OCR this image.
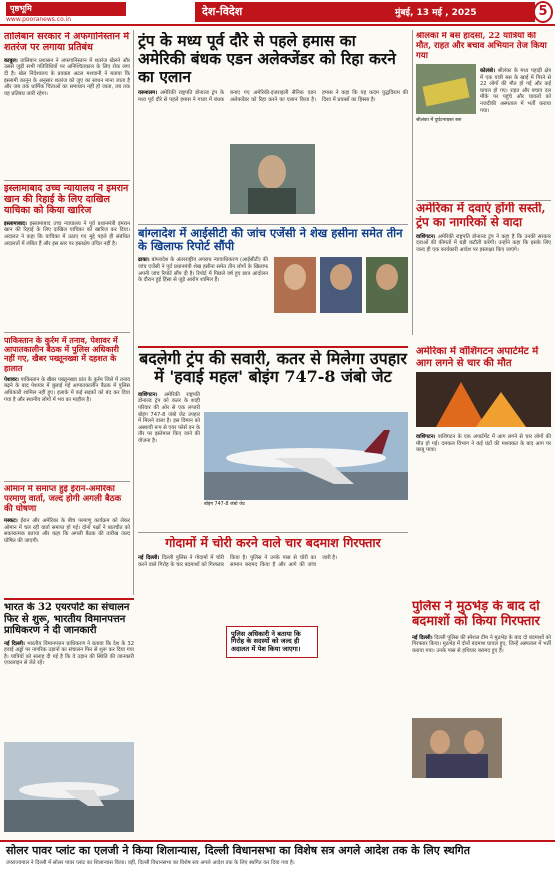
पृष्ठभूमि
www.pooranews.co.in
देश-विदेश	मुंबई, 13 मई , 2025	5
तालिबान सरकार ने अफगानिस्तान में शतरंज पर लगाया प्रतिबंध
काबुल। तालिबान प्रशासन ने अफगानिस्तान में शतरंज खेलने और उससे जुड़ी सभी गतिविधियों पर अनिश्चितकाल के लिए रोक लगा दी है। खेल निदेशालय के प्रवक्ता अटल मशवानी ने बताया कि इस्लामी कानून के अनुसार शतरंज को जुए का साधन माना जाता है और जब तक धार्मिक चिंताओं का समाधान नहीं हो जाता, तब तक यह प्रतिबंध जारी रहेगा।
इस्लामाबाद उच्च न्यायालय ने इमरान खान की रिहाई के लिए दाखिल याचिका को किया खारिज
इस्लामाबाद। इस्लामाबाद उच्च न्यायालय ने पूर्व प्रधानमंत्री इमरान खान की रिहाई के लिए दाखिल याचिका को खारिज कर दिया। अदालत ने कहा कि याचिका में उठाए गए मुद्दे पहले ही संबंधित अदालतों में लंबित हैं और इस स्तर पर हस्तक्षेप उचित नहीं है।
पाकिस्तान के कुर्रम में तनाव, पेशावर में आपातकालीन बैठक में पुलिस अधिकारी नहीं गए, खैबर पख्तूनख्वा में दहशत के हालात
पेशावर। पाकिस्तान के खैबर पख्तूनख्वा प्रांत के कुर्रम जिले में तनाव बढ़ने के बाद पेशावर में बुलाई गई आपातकालीन बैठक में पुलिस अधिकारी शामिल नहीं हुए। इलाके में कई सड़कों को बंद कर दिया गया है और स्थानीय लोगों में भय का माहौल है।
ओमान में समाप्त हुई ईरान-अमेरिका परमाणु वार्ता, जल्द होगी अगली बैठक की घोषणा
मस्कट। ईरान और अमेरिका के बीच परमाणु कार्यक्रम को लेकर ओमान में चल रही वार्ता समाप्त हो गई। दोनों पक्षों ने बातचीत को सकारात्मक बताया और कहा कि अगली बैठक की तारीख जल्द घोषित की जाएगी।
ट्रंप के मध्य पूर्व दौरे से पहले हमास का अमेरिकी बंधक एडन अलेक्जेंडर को रिहा करने का एलान
यरूशलम। अमेरिकी राष्ट्रपति डोनाल्ड ट्रंप के मध्य पूर्व दौरे से पहले हमास ने गाजा में बंधक बनाए गए अमेरिकी-इजराइली सैनिक एडन अलेक्जेंडर को रिहा करने का एलान किया है। हमास ने कहा कि यह कदम युद्धविराम की दिशा में प्रयासों का हिस्सा है।
बांग्लादेश में आईसीटी की जांच एजेंसी ने शेख हसीना समेत तीन के खिलाफ रिपोर्ट सौंपी
ढाका। बांग्लादेश के अंतरराष्ट्रीय अपराध न्यायाधिकरण (आईसीटी) की जांच एजेंसी ने पूर्व प्रधानमंत्री शेख हसीना समेत तीन लोगों के खिलाफ अपनी जांच रिपोर्ट सौंप दी है। रिपोर्ट में पिछले वर्ष हुए छात्र आंदोलन के दौरान हुई हिंसा से जुड़े आरोप शामिल हैं।
श्रीलंका में बस हादसा, 22 यात्रियों की मौत, राहत और बचाव अभियान तेज किया गया
श्रीलंका में दुर्घटनाग्रस्त बस
कोलंबो। श्रीलंका के मध्य पहाड़ी क्षेत्र में एक यात्री बस के खाई में गिरने से 22 लोगों की मौत हो गई और कई घायल हो गए। राहत और बचाव दल मौके पर पहुंचे और घायलों को नजदीकी अस्पताल में भर्ती कराया गया।
अमेरिका में दवाएं होंगी सस्ती, ट्रंप का नागरिकों से वादा
वाशिंगटन। अमेरिकी राष्ट्रपति डोनाल्ड ट्रंप ने कहा है कि उनकी सरकार दवाओं की कीमतों में बड़ी कटौती करेगी। उन्होंने कहा कि इसके लिए जल्द ही एक कार्यकारी आदेश पर हस्ताक्षर किए जाएंगे।
बदलेगी ट्रंप की सवारी, कतर से मिलेगा उपहार में 'हवाई महल' बोइंग 747-8 जंबो जेट
वाशिंगटन। अमेरिकी राष्ट्रपति डोनाल्ड ट्रंप को कतर के शाही परिवार की ओर से एक लग्जरी बोइंग 747-8 जंबो जेट उपहार में मिलने वाला है। इस विमान को अस्थायी रूप से एयर फोर्स वन के तौर पर इस्तेमाल किए जाने की योजना है।
बोइंग 747-8 जंबो जेट
अमेरिका में वॉशिंगटन अपार्टमेंट में आग लगने से चार की मौत
वाशिंगटन। वाशिंगटन के एक अपार्टमेंट में आग लगने से चार लोगों की मौत हो गई। दमकल विभाग ने कई घंटों की मशक्कत के बाद आग पर काबू पाया।
गोदामों में चोरी करने वाले चार बदमाश गिरफ्तार
नई दिल्ली। दिल्ली पुलिस ने गोदामों में चोरी करने वाले गिरोह के चार बदमाशों को गिरफ्तार किया है। पुलिस ने उनके पास से चोरी का सामान बरामद किया है और आगे की जांच जारी है।
पुलिस अधिकारी ने बताया कि गिरोह के सदस्यों को जल्द ही अदालत में पेश किया जाएगा।
भारत के 32 एयरपोर्ट का संचालन फिर से शुरू, भारतीय विमानपत्तन प्राधिकरण ने दी जानकारी
नई दिल्ली। भारतीय विमानपत्तन प्राधिकरण ने बताया कि देश के 32 हवाई अड्डों पर नागरिक उड़ानों का संचालन फिर से शुरू कर दिया गया है। यात्रियों को सलाह दी गई है कि वे उड़ान की स्थिति की जानकारी एयरलाइन से लेते रहें।
पुलिस ने मुठभेड़ के बाद दो बदमाशों को किया गिरफ्तार
नई दिल्ली। दिल्ली पुलिस की स्पेशल टीम ने मुठभेड़ के बाद दो बदमाशों को गिरफ्तार किया। मुठभेड़ में दोनों बदमाश घायल हुए, जिन्हें अस्पताल में भर्ती कराया गया। उनके पास से हथियार बरामद हुए हैं।
सोलर पावर प्लांट का एलजी ने किया शिलान्यास, दिल्ली विधानसभा का विशेष सत्र अगले आदेश तक के लिए स्थगित
उपराज्यपाल ने दिल्ली में सोलर पावर प्लांट का शिलान्यास किया। वहीं, दिल्ली विधानसभा का विशेष सत्र अगले आदेश तक के लिए स्थगित कर दिया गया है।
